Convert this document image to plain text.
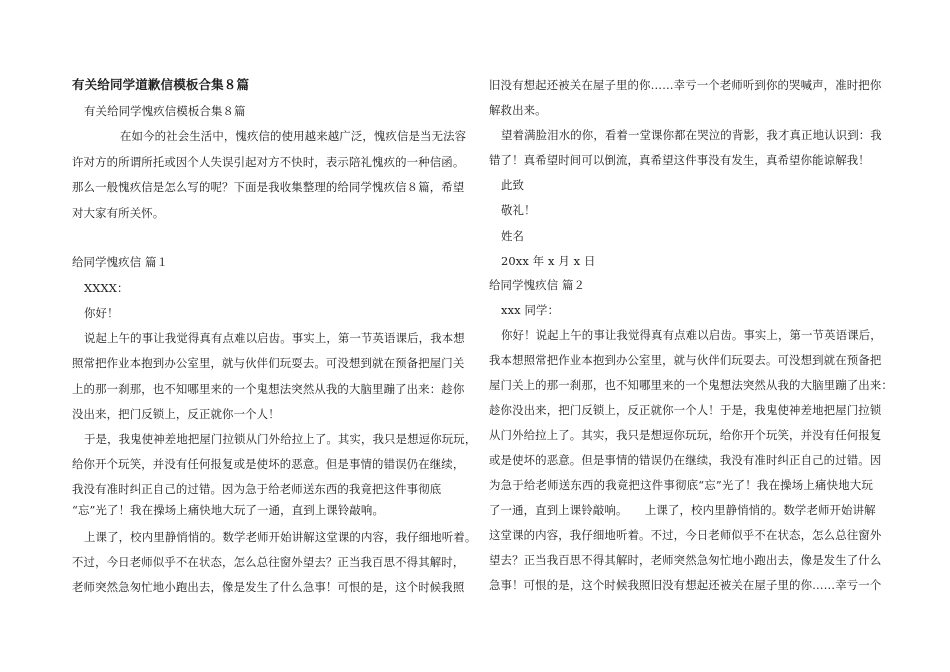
有关给同学道歉信模板合集８篇
有关给同学愧疚信模板合集８篇
在如今的社会生活中，愧疚信的使用越来越广泛，愧疚信是当无法容
许对方的所谓所托或因个人失误引起对方不快时，表示陪礼愧疚的一种信函。
那么一般愧疚信是怎么写的呢？下面是我收集整理的给同学愧疚信８篇，希望
对大家有所关怀。
给同学愧疚信 篇１
XXXX：
你好！
说起上午的事让我觉得真有点难以启齿。事实上，第一节英语课后，我本想
照常把作业本抱到办公室里，就与伙伴们玩耍去。可没想到就在预备把屋门关
上的那一刹那，也不知哪里来的一个鬼想法突然从我的大脑里蹦了出来：趁你
没出来，把门反锁上，反正就你一个人！
于是，我鬼使神差地把屋门拉锁从门外给拉上了。其实，我只是想逗你玩玩，
给你开个玩笑，并没有任何报复或是使坏的恶意。但是事情的错误仍在继续，
我没有准时纠正自己的过错。因为急于给老师送东西的我竟把这件事彻底
“忘”光了！我在操场上痛快地大玩了一通，直到上课铃敲响。
上课了，校内里静悄悄的。数学老师开始讲解这堂课的内容，我仔细地听着。
不过，今日老师似乎不在状态，怎么总往窗外望去？正当我百思不得其解时，
老师突然急匆忙地小跑出去，像是发生了什么急事！可恨的是，这个时候我照
旧没有想起还被关在屋子里的你……幸亏一个老师听到你的哭喊声，准时把你
解救出来。
望着满脸泪水的你，看着一堂课你都在哭泣的背影，我才真正地认识到：我
错了！真希望时间可以倒流，真希望这件事没有发生，真希望你能谅解我！
此致
敬礼！
姓名
20xx 年 x 月 x 日
给同学愧疚信 篇２
xxx 同学：
你好！说起上午的事让我觉得真有点难以启齿。事实上，第一节英语课后，
我本想照常把作业本抱到办公室里，就与伙伴们玩耍去。可没想到就在预备把
屋门关上的那一刹那，也不知哪里来的一个鬼想法突然从我的大脑里蹦了出来：
趁你没出来，把门反锁上，反正就你一个人！于是，我鬼使神差地把屋门拉锁
从门外给拉上了。其实，我只是想逗你玩玩，给你开个玩笑，并没有任何报复
或是使坏的恶意。但是事情的错误仍在继续，我没有准时纠正自己的过错。因
为急于给老师送东西的我竟把这件事彻底“忘”光了！我在操场上痛快地大玩
了一通，直到上课铃敲响。　　上课了，校内里静悄悄的。数学老师开始讲解
这堂课的内容，我仔细地听着。不过，今日老师似乎不在状态，怎么总往窗外
望去？正当我百思不得其解时，老师突然急匆忙地小跑出去，像是发生了什么
急事！可恨的是，这个时候我照旧没有想起还被关在屋子里的你……幸亏一个
